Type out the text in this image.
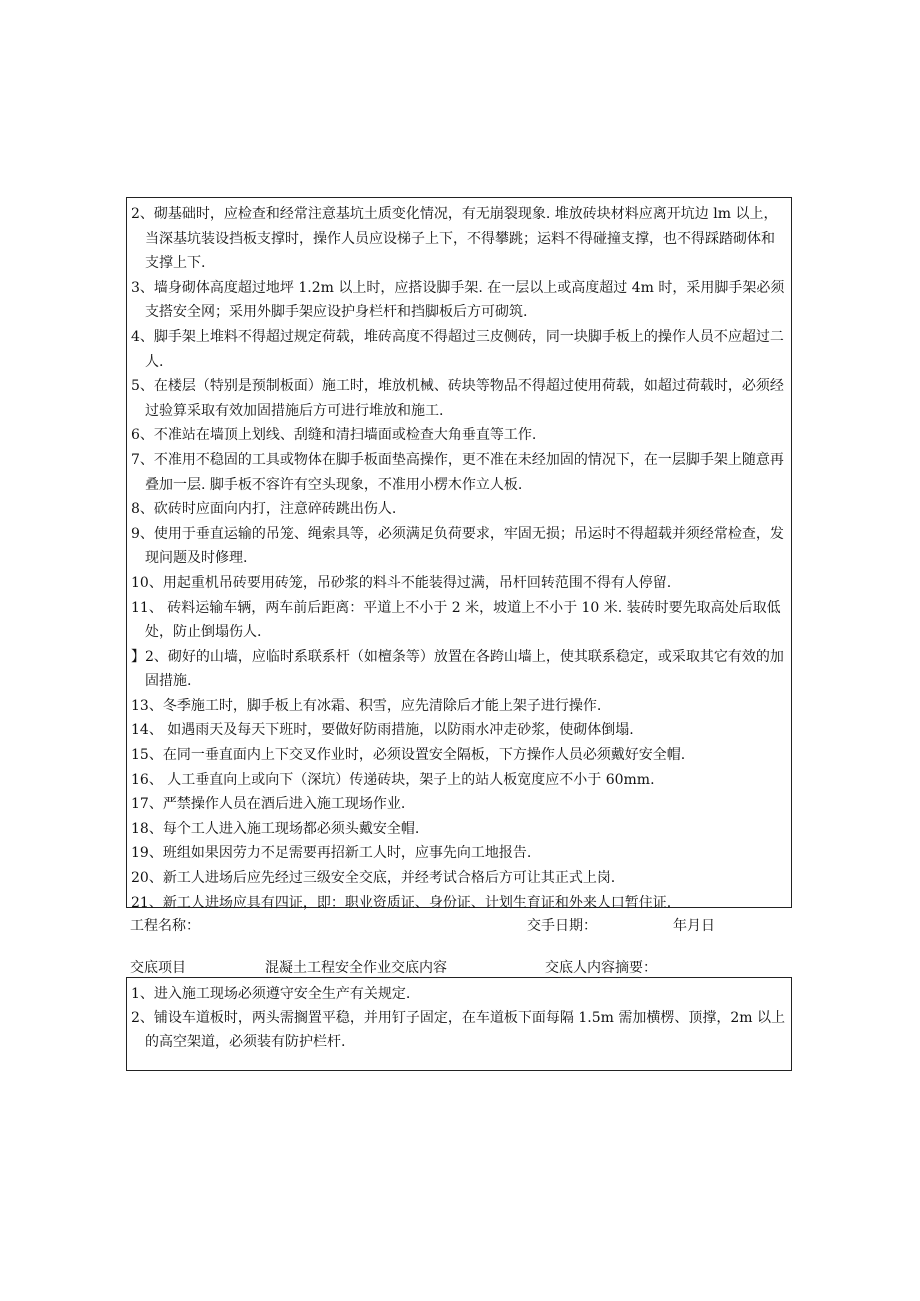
2、砌基础时，应检查和经常注意基坑土质变化情况，有无崩裂现象. 堆放砖块材料应离开坑边 lm 以上，当深基坑装设挡板支撑时，操作人员应设梯子上下，不得攀跳；运料不得碰撞支撑，也不得踩踏砌体和支撑上下.

3、墙身砌体高度超过地坪 1.2m 以上时，应搭设脚手架. 在一层以上或高度超过 4m 时，采用脚手架必须支搭安全网；采用外脚手架应设护身栏杆和挡脚板后方可砌筑.

4、脚手架上堆料不得超过规定荷载，堆砖高度不得超过三皮侧砖，同一块脚手板上的操作人员不应超过二人.

5、在楼层（特别是预制板面）施工时，堆放机械、砖块等物品不得超过使用荷载，如超过荷载时，必须经过验算采取有效加固措施后方可进行堆放和施工.

6、不准站在墙顶上划线、刮缝和清扫墙面或检查大角垂直等工作.

7、不准用不稳固的工具或物体在脚手板面垫高操作，更不准在未经加固的情况下，在一层脚手架上随意再叠加一层. 脚手板不容许有空头现象，不准用小楞木作立人板.

8、砍砖时应面向内打，注意碎砖跳出伤人.

9、使用于垂直运输的吊笼、绳索具等，必须满足负荷要求，牢固无损；吊运时不得超载并须经常检查，发现问题及时修理.

10、用起重机吊砖要用砖笼，吊砂浆的料斗不能装得过满，吊杆回转范围不得有人停留.

11、 砖料运输车辆，两车前后距离：平道上不小于 2 米，坡道上不小于 10 米. 装砖时要先取高处后取低处，防止倒塌伤人.

】2、砌好的山墙，应临时系联系杆（如檀条等）放置在各跨山墙上，使其联系稳定，或采取其它有效的加固措施.

13、冬季施工时，脚手板上有冰霜、积雪，应先清除后才能上架子进行操作.

14、 如遇雨天及每天下班时，要做好防雨措施，以防雨水冲走砂浆，使砌体倒塌.

15、在同一垂直面内上下交叉作业时，必须设置安全隔板，下方操作人员必须戴好安全帽.

16、 人工垂直向上或向下（深坑）传递砖块，架子上的站人板宽度应不小于 60mm.

17、严禁操作人员在酒后进入施工现场作业.

18、每个工人进入施工现场都必须头戴安全帽.

19、班组如果因劳力不足需要再招新工人时，应事先向工地报告.

20、新工人进场后应先经过三级安全交底，并经考试合格后方可让其正式上岗.

21、新工人进场应具有四证，即：职业资质证、身份证、计划生育证和外来人口暂住证.

工程名称：	交手日期：	年月日
交底项目	混凝土工程安全作业交底内容	交底人内容摘要：

1、进入施工现场必须遵守安全生产有关规定.

2、铺设车道板时，两头需搁置平稳，并用钉子固定，在车道板下面每隔 1.5m 需加横楞、顶撑，2m 以上的高空架道，必须装有防护栏杆.
